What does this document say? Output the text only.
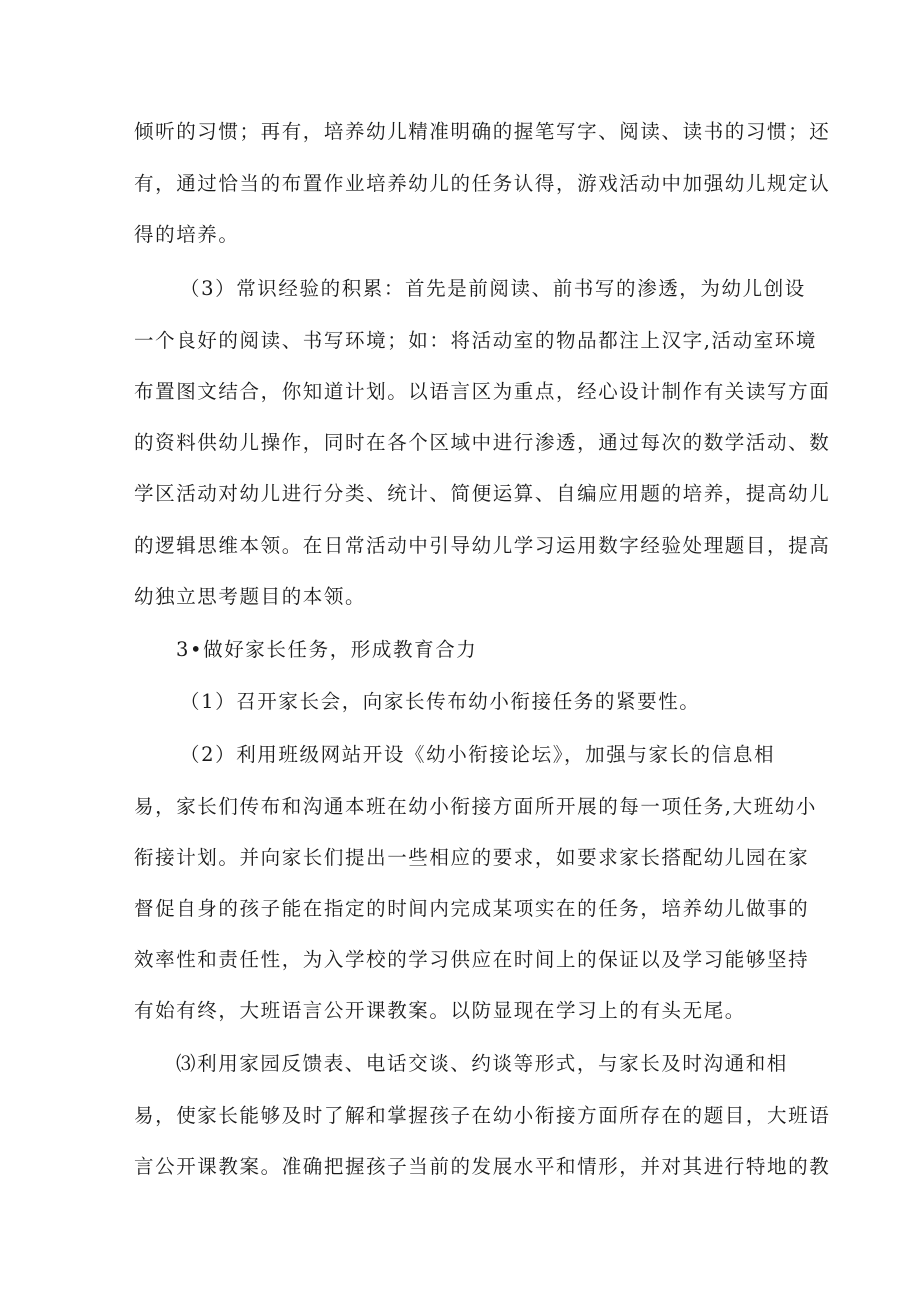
倾听的习惯；再有，培养幼儿精准明确的握笔写字、阅读、读书的习惯；还
有，通过恰当的布置作业培养幼儿的任务认得，游戏活动中加强幼儿规定认
得的培养。
（3）常识经验的积累：首先是前阅读、前书写的渗透，为幼儿创设
一个良好的阅读、书写环境；如：将活动室的物品都注上汉字,活动室环境
布置图文结合，你知道计划。以语言区为重点，经心设计制作有关读写方面
的资料供幼儿操作，同时在各个区域中进行渗透，通过每次的数学活动、数
学区活动对幼儿进行分类、统计、简便运算、自编应用题的培养，提高幼儿
的逻辑思维本领。在日常活动中引导幼儿学习运用数字经验处理题目，提高
幼独立思考题目的本领。
3•做好家长任务，形成教育合力
（1）召开家长会，向家长传布幼小衔接任务的紧要性。
（2）利用班级网站开设《幼小衔接论坛》，加强与家长的信息相
易，家长们传布和沟通本班在幼小衔接方面所开展的每一项任务,大班幼小
衔接计划。并向家长们提出一些相应的要求，如要求家长搭配幼儿园在家
督促自身的孩子能在指定的时间内完成某项实在的任务，培养幼儿做事的
效率性和责任性，为入学校的学习供应在时间上的保证以及学习能够坚持
有始有终，大班语言公开课教案。以防显现在学习上的有头无尾。
⑶利用家园反馈表、电话交谈、约谈等形式，与家长及时沟通和相
易，使家长能够及时了解和掌握孩子在幼小衔接方面所存在的题目，大班语
言公开课教案。准确把握孩子当前的发展水平和情形，并对其进行特地的教
